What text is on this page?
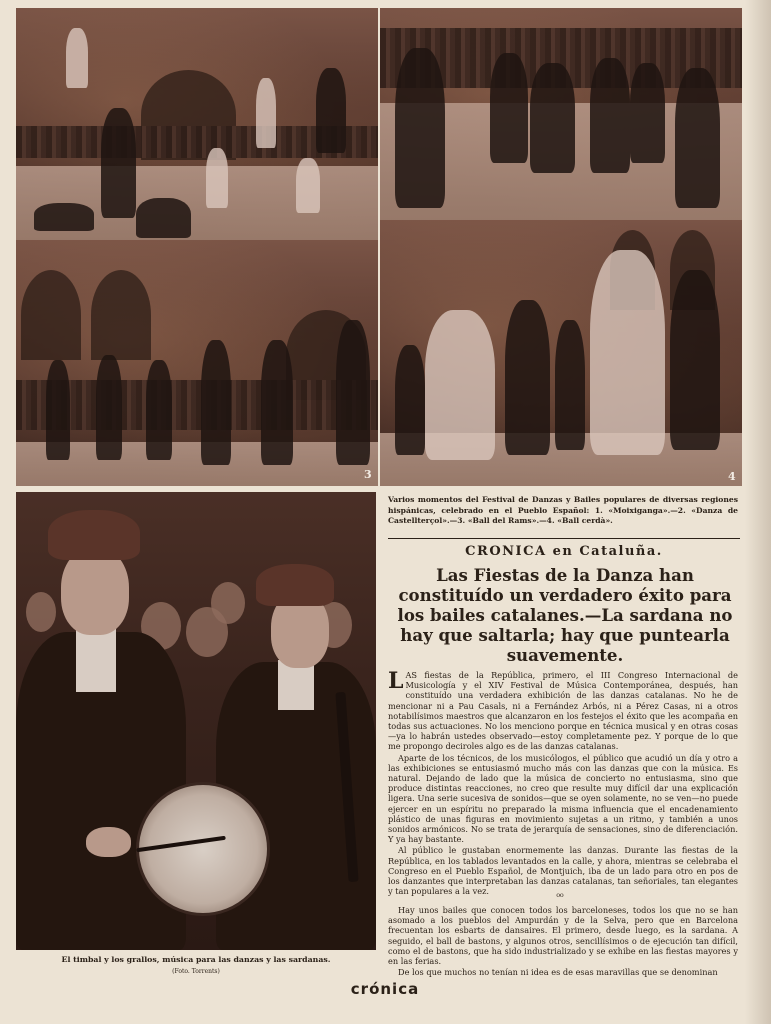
3	4
Varios momentos del Festival de Danzas y Bailes populares de diversas regiones hispánicas, celebrado en el Pueblo Español: 1. «Moixiganga».—2. «Danza de Castellterçol».—3. «Ball del Rams».—4. «Ball cerdà».
CRONICA en Cataluña.
Las Fiestas de la Danza han constituído un verdadero éxito para los bailes catalanes.—La sardana no hay que saltarla; hay que puntearla suavemente.

LAS fiestas de la República, primero, el III Congreso Internacional de Musicología y el XIV Festival de Música Contemporánea, después, han constituído una verdadera exhibición de las danzas catalanas. No he de mencionar ni a Pau Casals, ni a Fernández Arbós, ni a Pérez Casas, ni a otros notabilísimos maestros que alcanzaron en los festejos el éxito que les acompaña en todas sus actuaciones. No los menciono porque en técnica musical y en otras cosas—ya lo habrán ustedes observado—estoy completamente pez. Y porque de lo que me propongo deciroles algo es de las danzas catalanas.

Aparte de los técnicos, de los musicólogos, el público que acudió un día y otro a las exhibiciones se entusiasmó mucho más con las danzas que con la música. Es natural. Dejando de lado que la música de concierto no entusiasma, sino que produce distintas reacciones, no creo que resulte muy difícil dar una explicación ligera. Una serie sucesiva de sonidos—que se oyen solamente, no se ven—no puede ejercer en un espíritu no preparado la misma influencia que el encadenamiento plástico de unas figuras en movimiento sujetas a un ritmo, y también a unos sonidos armónicos. No se trata de jerarquía de sensaciones, sino de diferenciación. Y ya hay bastante.

Al público le gustaban enormemente las danzas. Durante las fiestas de la República, en los tablados levantados en la calle, y ahora, mientras se celebraba el Congreso en el Pueblo Español, de Montjuich, iba de un lado para otro en pos de los danzantes que interpretaban las danzas catalanas, tan señoriales, tan elegantes y tan populares a la vez.

⁰⁰

Hay unos bailes que conocen todos los barceloneses, todos los que no se han asomado a los pueblos del Ampurdán y de la Selva, pero que en Barcelona frecuentan los esbarts de dansaires. El primero, desde luego, es la sardana. A seguido, el ball de bastons, y algunos otros, sencillísimos o de ejecución tan difícil, como el de bastons, que ha sido industrializado y se exhibe en las fiestas mayores y en las ferias.

De los que muchos no tenían ni idea es de esas maravillas que se denominan

El timbal y los grallos, música para las danzas y las sardanas.
(Foto. Torrents)
crónica
